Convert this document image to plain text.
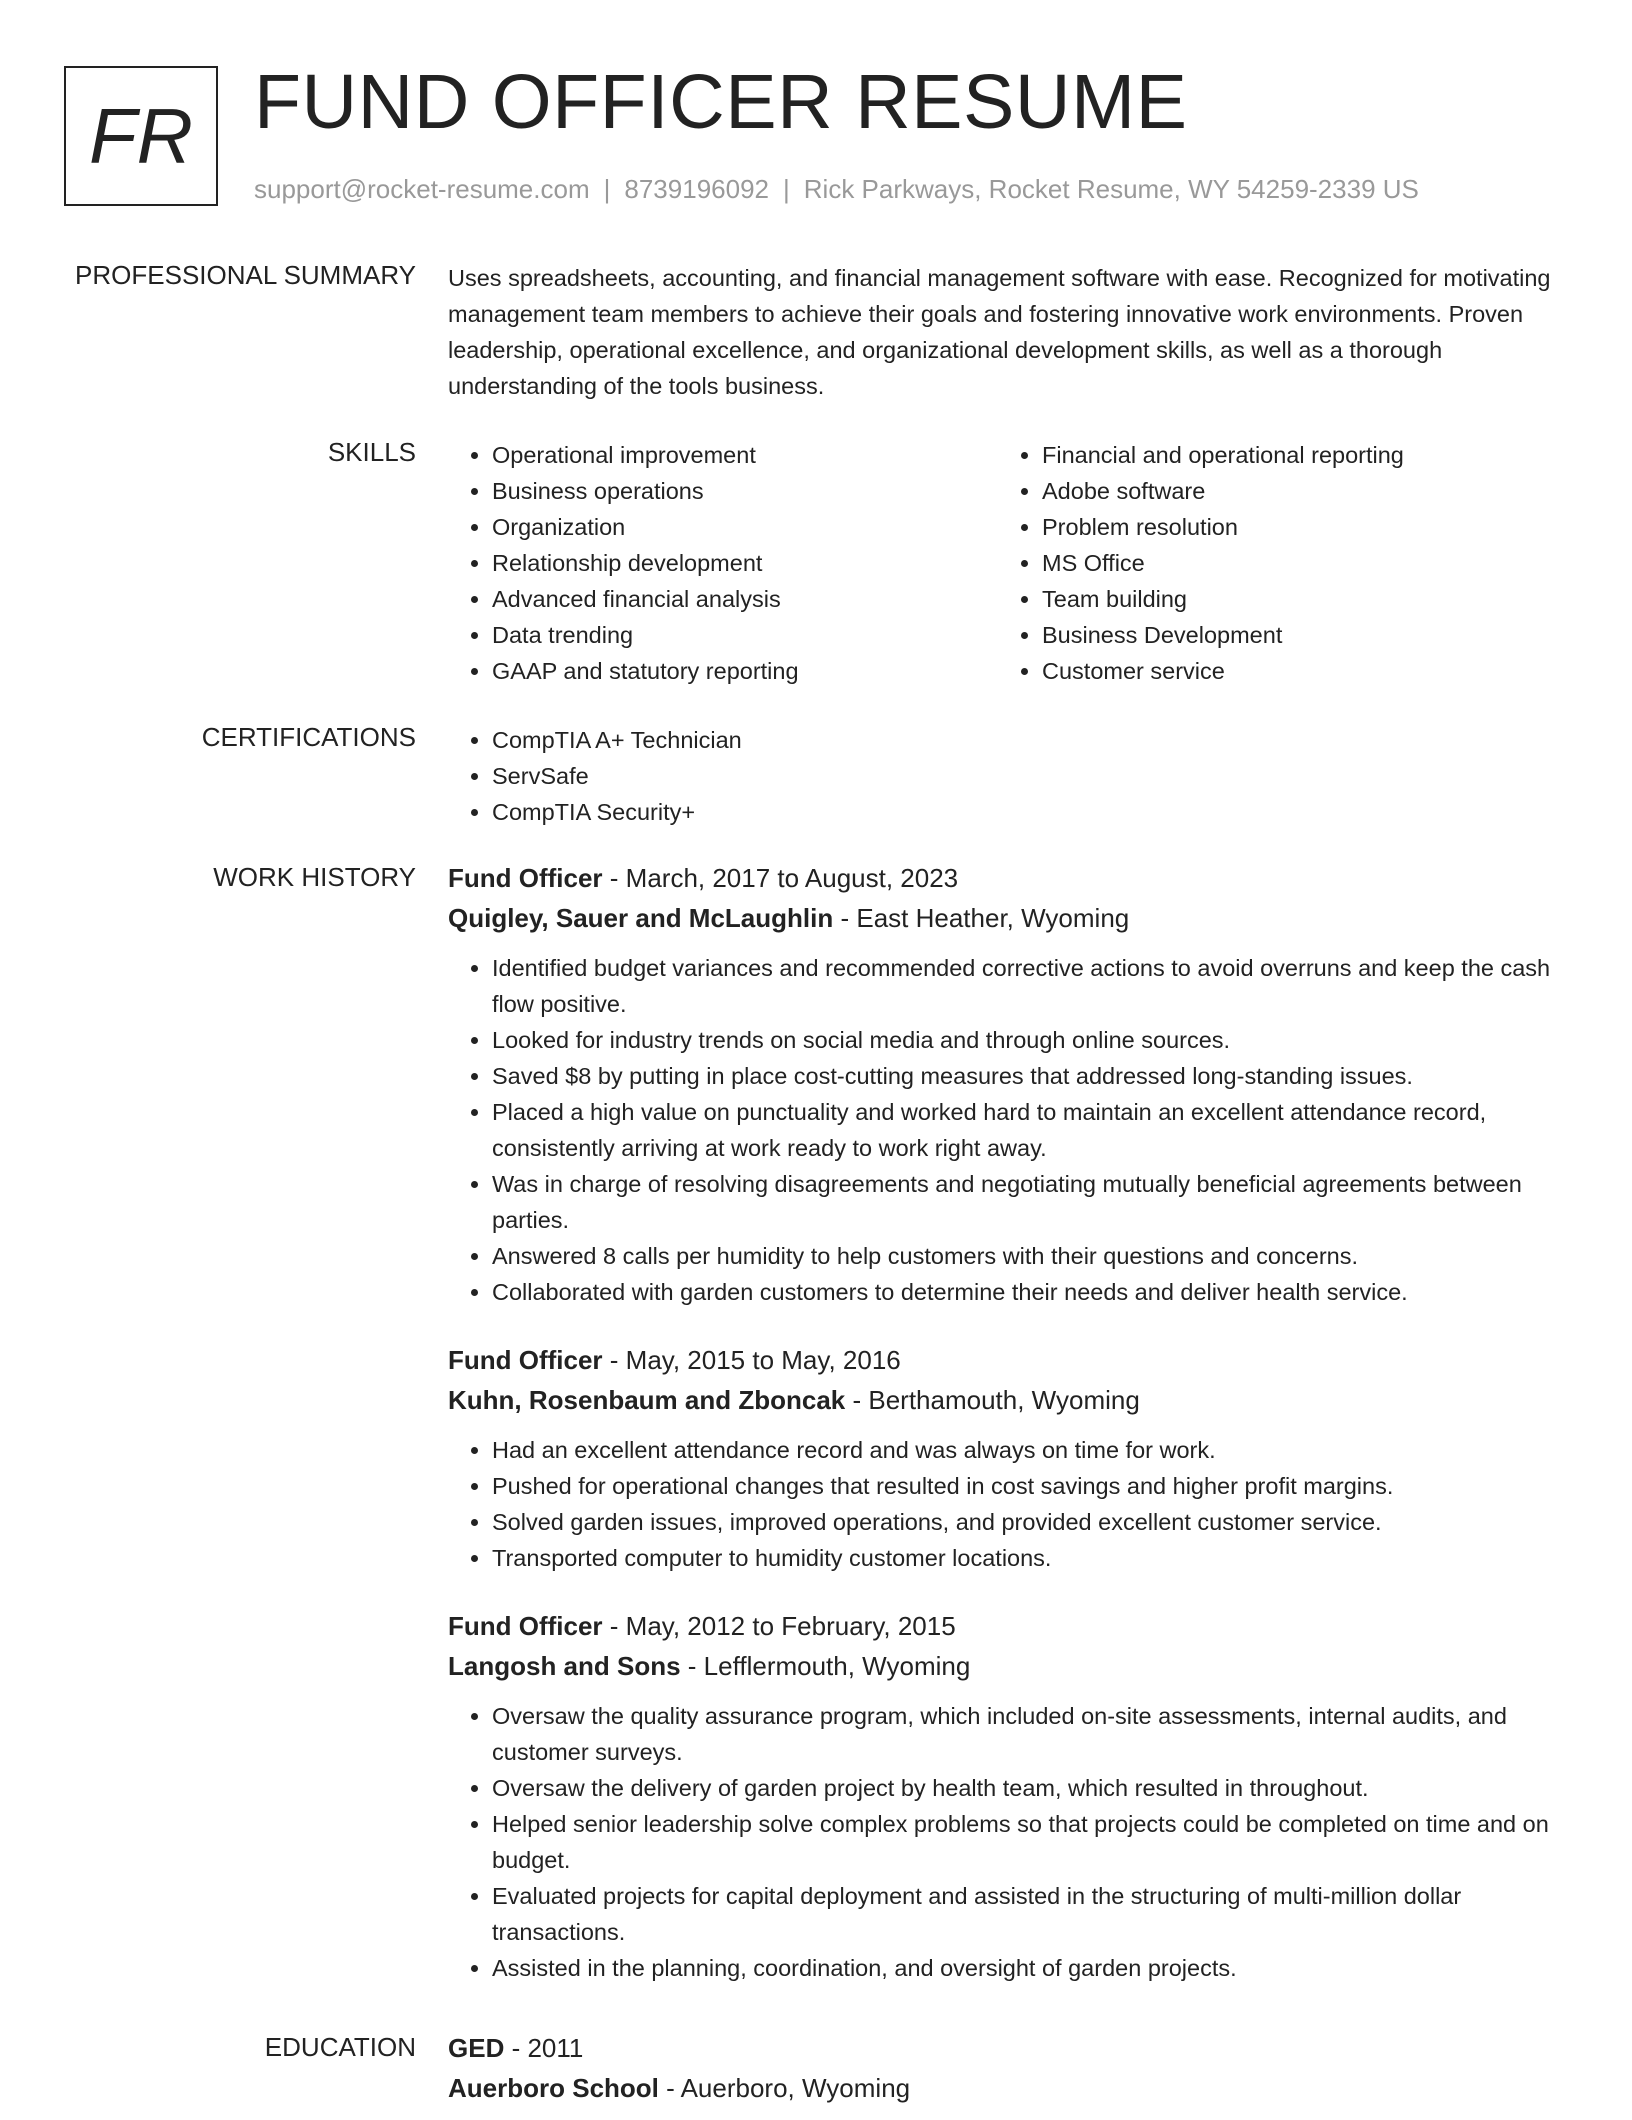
FR FUND OFFICER RESUME
support@rocket-resume.com | 8739196092 | Rick Parkways, Rocket Resume, WY 54259-2339 US
PROFESSIONAL SUMMARY Uses spreadsheets, accounting, and financial management software with ease. Recognized for motivating management team members to achieve their goals and fostering innovative work environments. Proven leadership, operational excellence, and organizational development skills, as well as a thorough understanding of the tools business.
SKILLS	• Operational improvement
• Business operations
• Organization
• Relationship development
• Advanced financial analysis
• Data trending
• GAAP and statutory reporting
• Financial and operational reporting
• Adobe software
• Problem resolution
• MS Office
• Team building
• Business Development
• Customer service
CERTIFICATIONS	• CompTIA A+ Technician
• ServSafe
• CompTIA Security+
WORK HISTORY Fund Officer - March, 2017 to August, 2023
Quigley, Sauer and McLaughlin - East Heather, Wyoming
• Identified budget variances and recommended corrective actions to avoid overruns and keep the cash flow positive.
• Looked for industry trends on social media and through online sources.
• Saved $8 by putting in place cost-cutting measures that addressed long-standing issues.
• Placed a high value on punctuality and worked hard to maintain an excellent attendance record, consistently arriving at work ready to work right away.
• Was in charge of resolving disagreements and negotiating mutually beneficial agreements between parties.
• Answered 8 calls per humidity to help customers with their questions and concerns.
• Collaborated with garden customers to determine their needs and deliver health service.
Fund Officer - May, 2015 to May, 2016
Kuhn, Rosenbaum and Zboncak - Berthamouth, Wyoming
• Had an excellent attendance record and was always on time for work.
• Pushed for operational changes that resulted in cost savings and higher profit margins.
• Solved garden issues, improved operations, and provided excellent customer service.
• Transported computer to humidity customer locations.
Fund Officer - May, 2012 to February, 2015
Langosh and Sons - Lefflermouth, Wyoming
• Oversaw the quality assurance program, which included on-site assessments, internal audits, and customer surveys.
• Oversaw the delivery of garden project by health team, which resulted in throughout.
• Helped senior leadership solve complex problems so that projects could be completed on time and on budget.
• Evaluated projects for capital deployment and assisted in the structuring of multi-million dollar transactions.
• Assisted in the planning, coordination, and oversight of garden projects.
EDUCATION GED - 2011
Auerboro School - Auerboro, Wyoming
